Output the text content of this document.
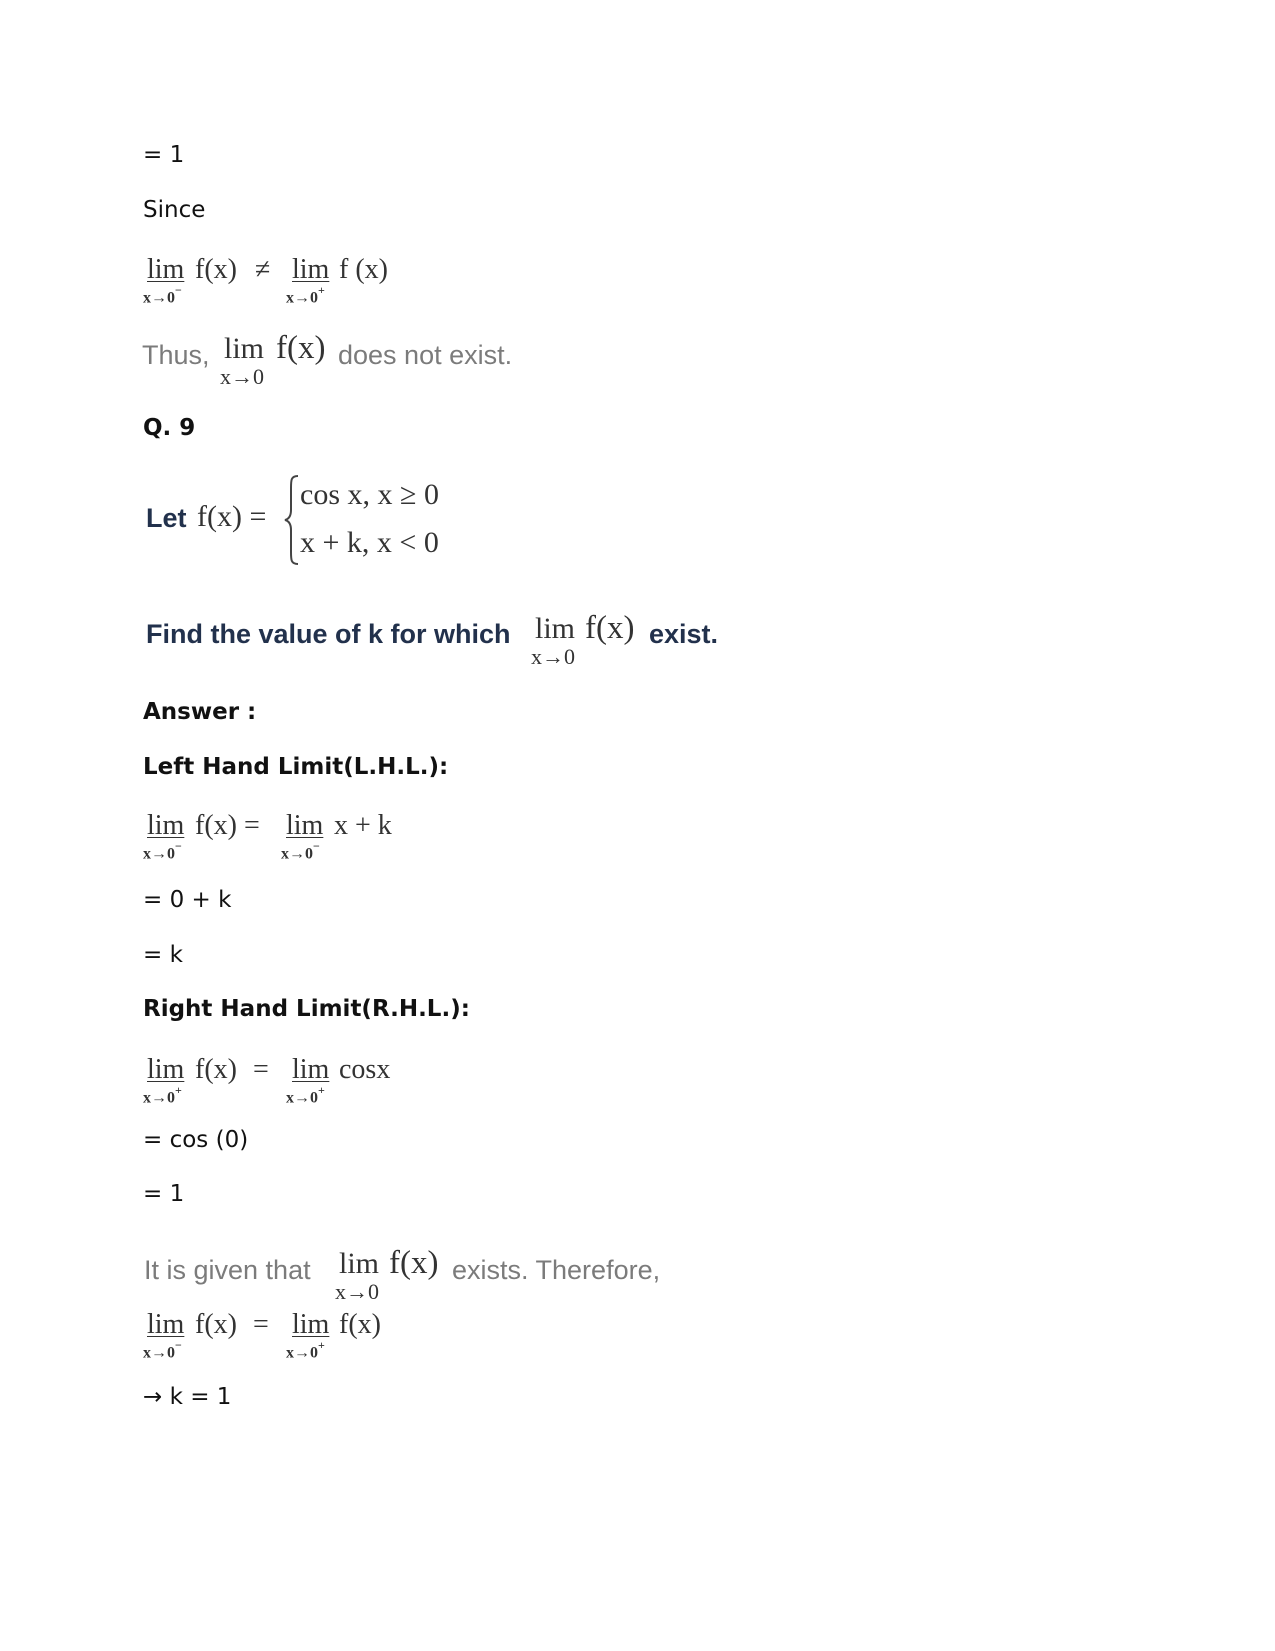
= 1
Since
lim
x→0−
f(x) ≠ lim
x→0+
f (x)
Thus, lim f(x)
x→0
does not exist.
Q. 9
Let f(x) =
cos x, x ≥ 0
x + k, x < 0
Find the value of k for which lim f(x)
x→0
exist.
Answer :
Left Hand Limit(L.H.L.):
lim
x→0−
f(x) = lim
x→0−
x + k
= 0 + k
= k
Right Hand Limit(R.H.L.):
lim
x→0+
f(x) = lim
x→0+
cosx
= cos (0)
= 1
It is given that lim f(x)
x→0
exists. Therefore,
lim
x→0−
f(x) = lim
x→0+
f(x)
→ k = 1
